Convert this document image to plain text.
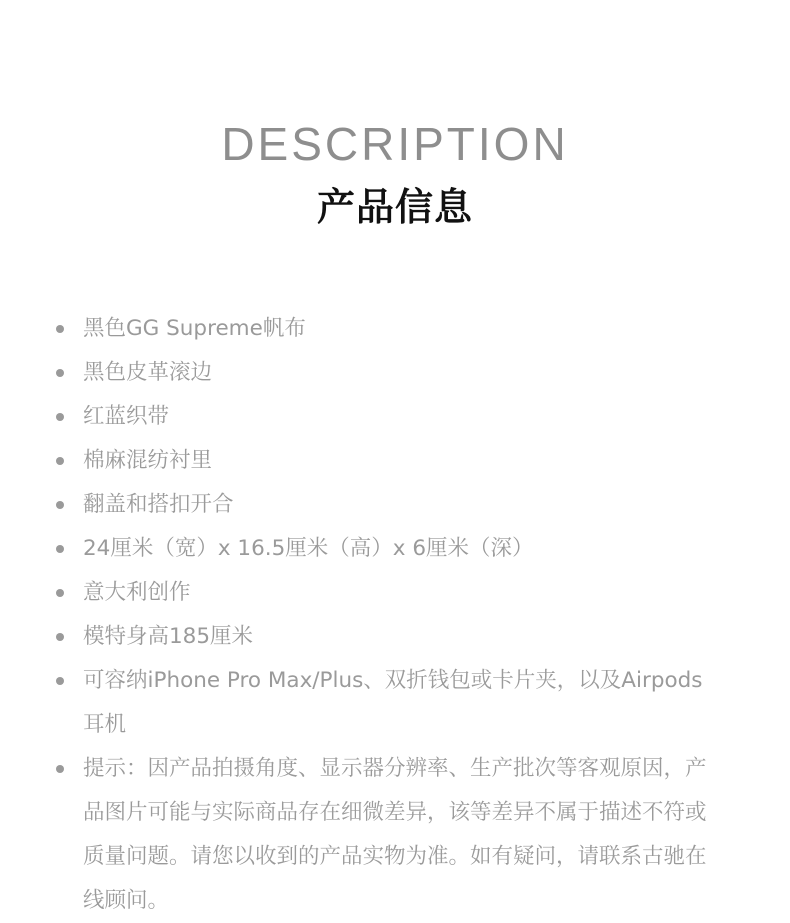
DESCRIPTION
产品信息
黑色GG Supreme帆布
黑色皮革滚边
红蓝织带
棉麻混纺衬里
翻盖和搭扣开合
24厘米（宽）x 16.5厘米（高）x 6厘米（深）
意大利创作
模特身高185厘米
可容纳iPhone Pro Max/Plus、双折钱包或卡片夹，以及Airpods耳机
提示：因产品拍摄角度、显示器分辨率、生产批次等客观原因，产品图片可能与实际商品存在细微差异，该等差异不属于描述不符或质量问题。请您以收到的产品实物为准。如有疑问，请联系古驰在线顾问。
